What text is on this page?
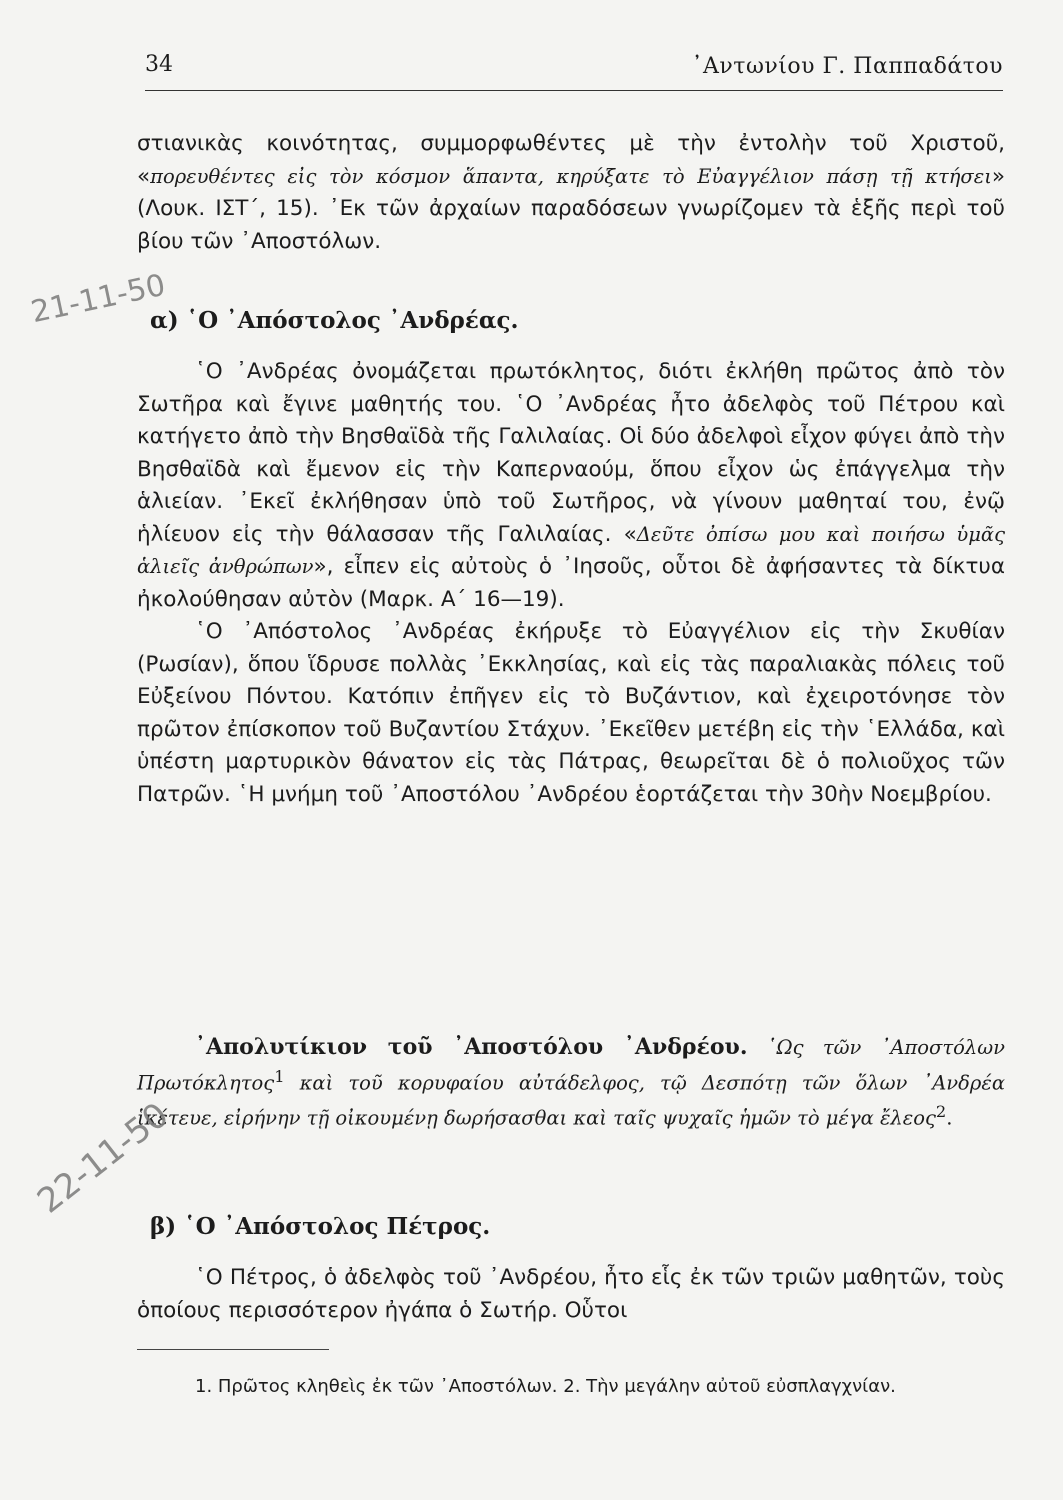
34	᾿Αντωνίου Γ. Παππαδάτου

στιανικὰς κοινότητας, συμμορφωθέντες μὲ τὴν ἐντολὴν τοῦ Χριστοῦ, «πορευθέντες εἰς τὸν κόσμον ἅπαντα, κηρύξατε τὸ Εὐαγγέλιον πάσῃ τῇ κτήσει» (Λουκ. ΙΣΤ΄, 15). ᾿Εκ τῶν ἀρχαίων παραδόσεων γνωρίζομεν τὰ ἑξῆς περὶ τοῦ βίου τῶν ᾿Αποστόλων.

21-11-50
α) ῾Ο ᾿Απόστολος ᾿Ανδρέας.

῾Ο ᾿Ανδρέας ὀνομάζεται πρωτόκλητος, διότι ἐκλήθη πρῶτος ἀπὸ τὸν Σωτῆρα καὶ ἔγινε μαθητής του. ῾Ο ᾿Ανδρέας ἦτο ἀδελφὸς τοῦ Πέτρου καὶ κατήγετο ἀπὸ τὴν Βησθαϊδὰ τῆς Γαλιλαίας. Οἱ δύο ἀδελφοὶ εἶχον φύγει ἀπὸ τὴν Βησθαϊδὰ καὶ ἔμενον εἰς τὴν Καπερναούμ, ὅπου εἶχον ὡς ἐπάγγελμα τὴν ἁλιείαν. ᾿Εκεῖ ἐκλήθησαν ὑπὸ τοῦ Σωτῆρος, νὰ γίνουν μαθηταί του, ἐνῷ ἡλίευον εἰς τὴν θάλασσαν τῆς Γαλιλαίας. «Δεῦτε ὀπίσω μου καὶ ποιήσω ὑμᾶς ἁλιεῖς ἀνθρώπων», εἶπεν εἰς αὐτοὺς ὁ ᾿Ιησοῦς, οὗτοι δὲ ἀφήσαντες τὰ δίκτυα ἠκολούθησαν αὐτὸν (Μαρκ. Α΄ 16—19).

῾Ο ᾿Απόστολος ᾿Ανδρέας ἐκήρυξε τὸ Εὐαγγέλιον εἰς τὴν Σκυθίαν (Ρωσίαν), ὅπου ἵδρυσε πολλὰς ᾿Εκκλησίας, καὶ εἰς τὰς παραλιακὰς πόλεις τοῦ Εὐξείνου Πόντου. Κατόπιν ἐπῆγεν εἰς τὸ Βυζάντιον, καὶ ἐχειροτόνησε τὸν πρῶτον ἐπίσκοπον τοῦ Βυζαντίου Στάχυν. ᾿Εκεῖθεν μετέβη εἰς τὴν ῾Ελλάδα, καὶ ὑπέστη μαρτυρικὸν θάνατον εἰς τὰς Πάτρας, θεωρεῖται δὲ ὁ πολιοῦχος τῶν Πατρῶν. ῾Η μνήμη τοῦ ᾿Αποστόλου ᾿Ανδρέου ἑορτάζεται τὴν 30ὴν Νοεμβρίου.

᾿Απολυτίκιον τοῦ ᾿Αποστόλου ᾿Ανδρέου. ῾Ως τῶν ᾿Αποστόλων Πρωτόκλητος$^1$ καὶ τοῦ κορυφαίου αὐτάδελφος, τῷ Δεσπότῃ τῶν ὅλων ᾿Ανδρέα ἱκέτευε, εἰρήνην τῇ οἰκουμένῃ δωρήσασθαι καὶ ταῖς ψυχαῖς ἡμῶν τὸ μέγα ἔλεος$^2$.

22-11-50
β) ῾Ο ᾿Απόστολος Πέτρος.

῾Ο Πέτρος, ὁ ἀδελφὸς τοῦ ᾿Ανδρέου, ἦτο εἷς ἐκ τῶν τριῶν μαθητῶν, τοὺς ὁποίους περισσότερον ἠγάπα ὁ Σωτήρ. Οὗτοι

1. Πρῶτος κληθεὶς ἐκ τῶν ᾿Αποστόλων. 2. Τὴν μεγάλην αὐτοῦ εὐσπλαγχνίαν.
